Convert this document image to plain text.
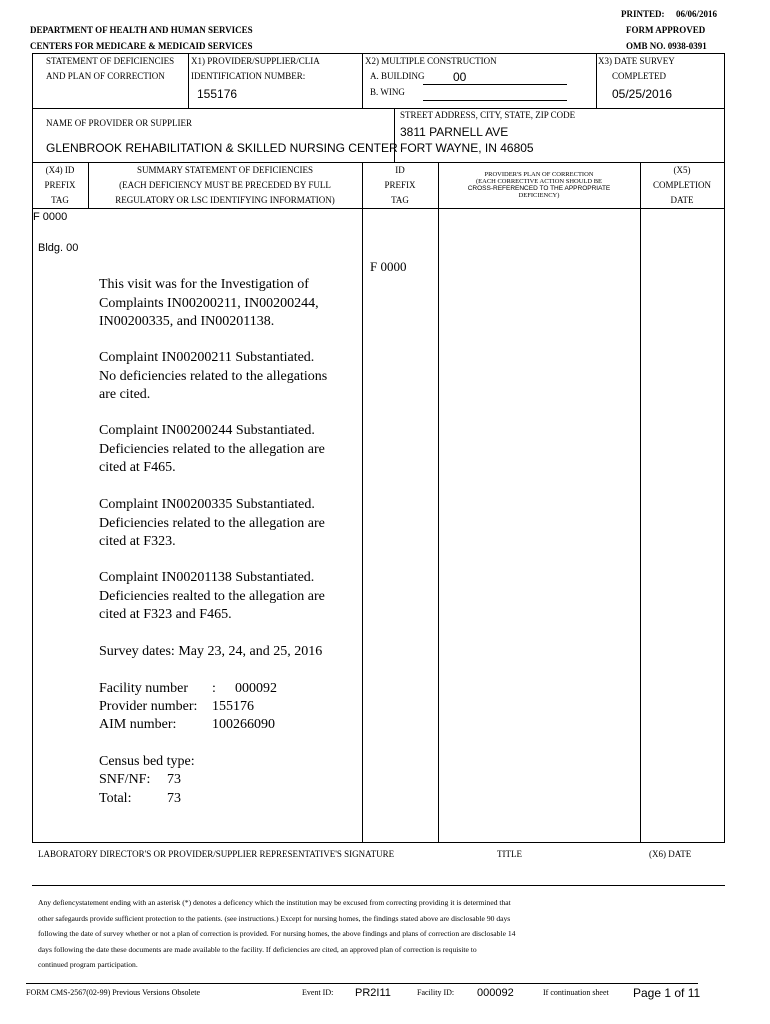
PRINTED: 06/06/2016
DEPARTMENT OF HEALTH AND HUMAN SERVICES
CENTERS FOR MEDICARE & MEDICAID SERVICES
FORM APPROVED
OMB NO. 0938-0391
STATEMENT OF DEFICIENCIES
AND PLAN OF CORRECTION
X1) PROVIDER/SUPPLIER/CLIA
IDENTIFICATION NUMBER:
155176
X2) MULTIPLE CONSTRUCTION
A. BUILDING	00
B. WING
X3) DATE SURVEY
COMPLETED
05/25/2016
NAME OF PROVIDER OR SUPPLIER
GLENBROOK REHABILITATION & SKILLED NURSING CENTER
STREET ADDRESS, CITY, STATE, ZIP CODE
3811 PARNELL AVE
FORT WAYNE, IN 46805
(X4) ID
PREFIX
TAG
SUMMARY STATEMENT OF DEFICIENCIES
(EACH DEFICIENCY MUST BE PRECEDED BY FULL
REGULATORY OR LSC IDENTIFYING INFORMATION)
ID
PREFIX
TAG
PROVIDER'S PLAN OF CORRECTION
(EACH CORRECTIVE ACTION SHOULD BE
CROSS-REFERENCED TO THE APPROPRIATE
DEFICIENCY)
(X5)
COMPLETION
DATE
F 0000
Bldg. 00
F 0000
This visit was for the Investigation of
Complaints IN00200211, IN00200244,
IN00200335, and IN00201138.
Complaint IN00200211 Substantiated.
No deficiencies related to the allegations
are cited.
Complaint IN00200244 Substantiated.
Deficiencies related to the allegation are
cited at F465.
Complaint IN00200335 Substantiated.
Deficiencies related to the allegation are
cited at F323.
Complaint IN00201138 Substantiated.
Deficiencies realted to the allegation are
cited at F323 and F465.
Survey dates: May 23, 24, and 25, 2016
Facility number : 000092
Provider number: 155176
AIM number:	100266090
Census bed type:
SNF/NF: 73
Total:	73
LABORATORY DIRECTOR'S OR PROVIDER/SUPPLIER REPRESENTATIVE'S SIGNATURE	TITLE	(X6) DATE
Any defiencystatement ending with an asterisk (*) denotes a deficency which the institution may be excused from correcting providing it is determined that
other safegaurds provide sufficient protection to the patients. (see instructions.) Except for nursing homes, the findings stated above are disclosable 90 days
following the date of survey whether or not a plan of correction is provided. For nursing homes, the above findings and plans of correction are disclosable 14
days following the date these documents are made available to the facility. If deficiencies are cited, an approved plan of correction is requisite to
continued program participation.
FORM CMS-2567(02-99) Previous Versions Obsolete	Event ID: PR2I11	Facility ID: 000092	If continuation sheet Page 1 of 11
